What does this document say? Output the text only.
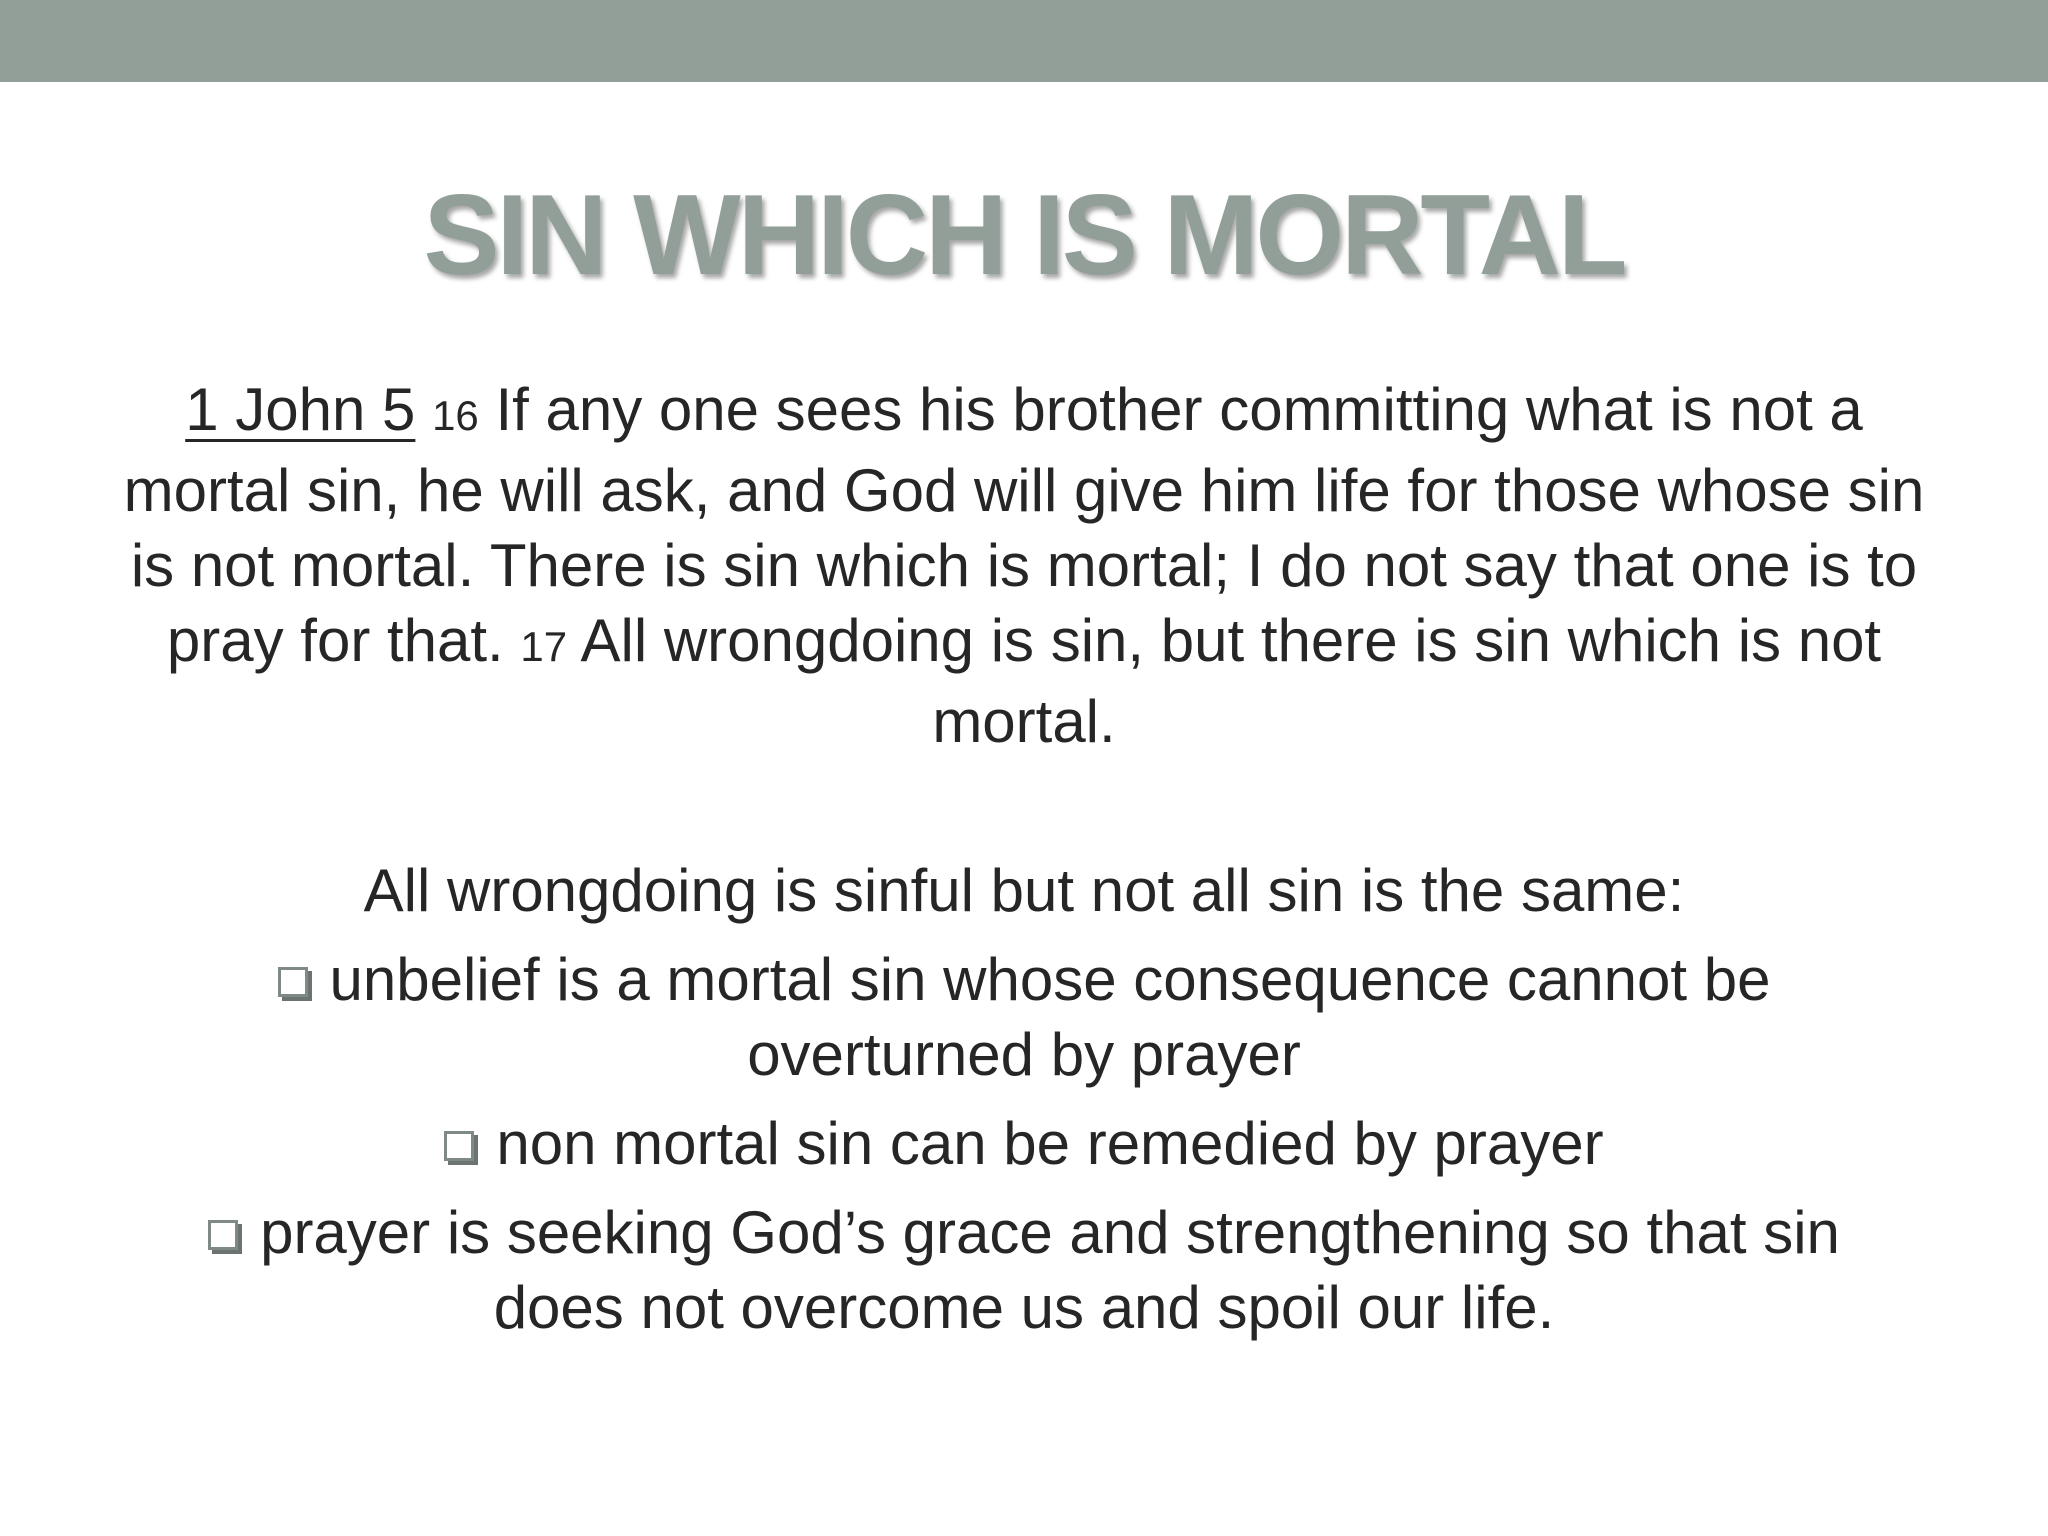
SIN WHICH IS MORTAL

1 John 5 16 If any one sees his brother committing what is not a mortal sin, he will ask, and God will give him life for those whose sin is not mortal. There is sin which is mortal; I do not say that one is to pray for that. 17 All wrongdoing is sin, but there is sin which is not mortal.

All wrongdoing is sinful but not all sin is the same:

unbelief is a mortal sin whose consequence cannot be overturned by prayer
non mortal sin can be remedied by prayer
prayer is seeking God’s grace and strengthening so that sin does not overcome us and spoil our life.
